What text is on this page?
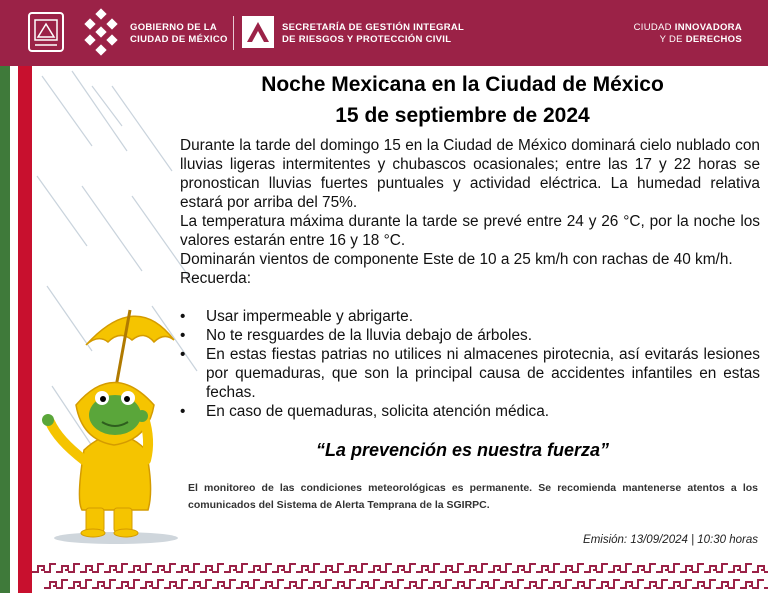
GOBIERNO DE LA
CIUDAD DE MÉXICO
SECRETARÍA DE GESTIÓN INTEGRAL
DE RIESGOS Y PROTECCIÓN CIVIL
CIUDAD INNOVADORA
Y DE DERECHOS
Noche Mexicana en la Ciudad de México
15 de septiembre de 2024

Durante la tarde del domingo 15 en la Ciudad de México dominará cielo nublado con lluvias ligeras intermitentes y chubascos ocasionales; entre las 17 y 22 horas se pronostican lluvias fuertes puntuales y actividad eléctrica. La humedad relativa estará por arriba del 75%.

La temperatura máxima durante la tarde se prevé entre 24 y 26 °C, por la noche los valores estarán entre 16 y 18 °C.

Dominarán vientos de componente Este de 10 a 25 km/h con rachas de 40 km/h.

Recuerda:

• Usar impermeable y abrigarte.
• No te resguardes de la lluvia debajo de árboles.
• En estas fiestas patrias no utilices ni almacenes pirotecnia, así evitarás lesiones por quemaduras, que son la principal causa de accidentes infantiles en estas fechas.
• En caso de quemaduras, solicita atención médica.
“La prevención es nuestra fuerza”
El monitoreo de las condiciones meteorológicas es permanente. Se recomienda mantenerse atentos a los comunicados del Sistema de Alerta Temprana de la SGIRPC.
Emisión: 13/09/2024 | 10:30 horas
